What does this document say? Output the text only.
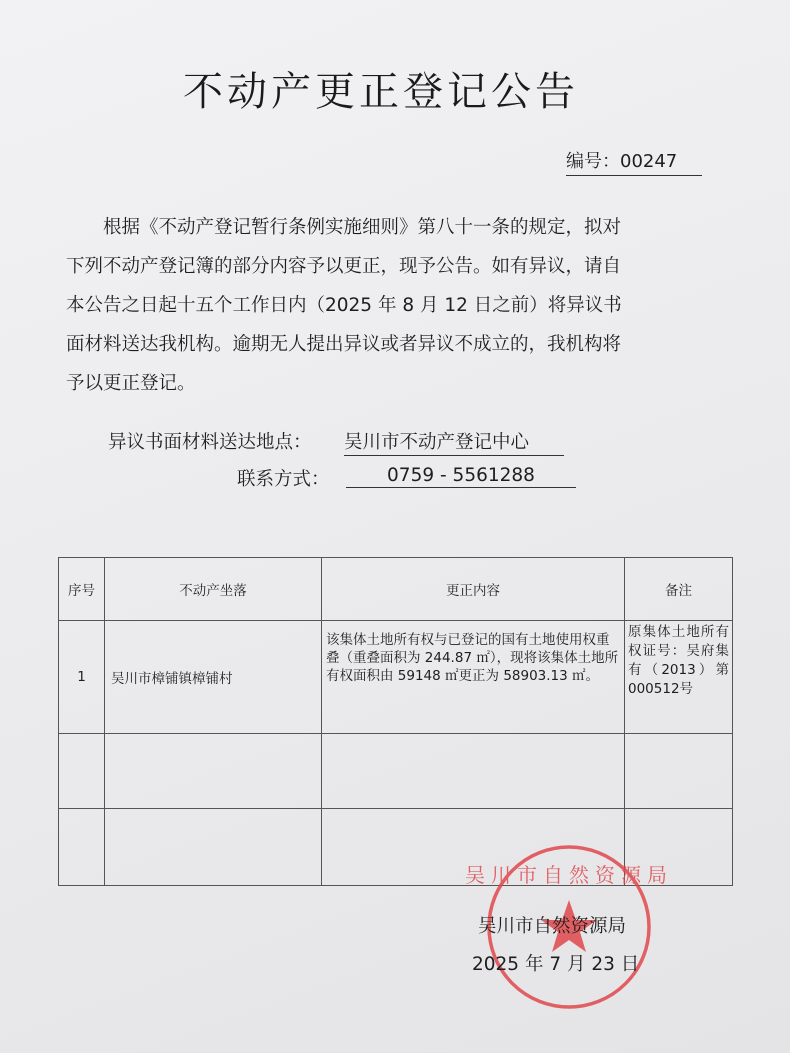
不动产更正登记公告
编号：00247
　　根据《不动产登记暂行条例实施细则》第八十一条的规定，拟对
下列不动产登记簿的部分内容予以更正，现予公告。如有异议，请自
本公告之日起十五个工作日内（2025 年 8 月 12 日之前）将异议书
面材料送达我机构。逾期无人提出异议或者异议不成立的，我机构将
予以更正登记。
异议书面材料送达地点： 吴川市不动产登记中心
联系方式：	0759 - 5561288
序号	不动产坐落	更正内容	备注
1	吴川市樟铺镇樟铺村	该集体土地所有权与已登记的国有土地使用权重叠（重叠面积为 244.87 ㎡），现将该集体土地所有权面积由 59148 ㎡更正为 58903.13 ㎡。	原集体土地所有权证号：吴府集有（2013）第000512号

吴川市自然资源局
吴川市自然资源局
2025 年 7 月 23 日
